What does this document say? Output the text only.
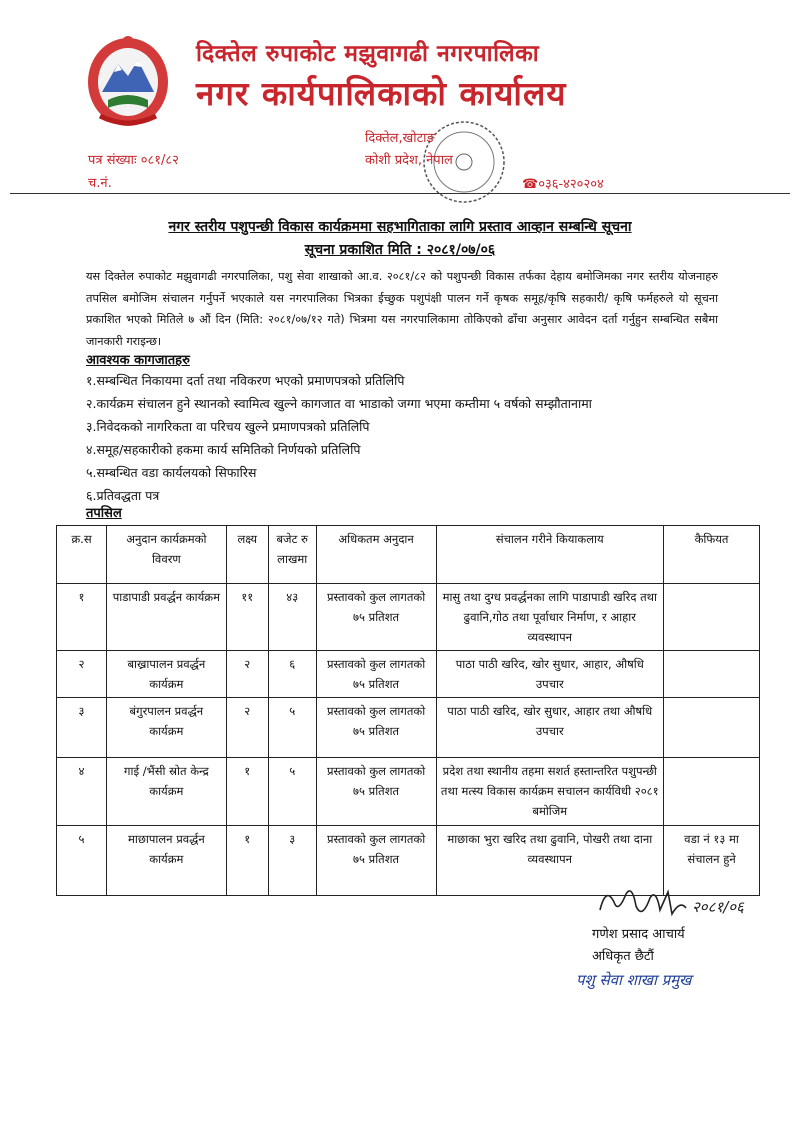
दिक्तेल रुपाकोट मझुवागढी नगरपालिका
नगर कार्यपालिकाको कार्यालय
दिक्तेल,खोटाङ
कोशी प्रदेश, नेपाल
पत्र संख्याः ०८१/८२
च.नं.	☎०३६-४२०२०४
नगर स्तरीय पशुपन्छी विकास कार्यक्रममा सहभागिताका लागि प्रस्ताव आव्हान सम्बन्धि सूचना
सूचना प्रकाशित मिति : २०८१/०७/०६
यस दिक्तेल रुपाकोट मझुवागढी नगरपालिका, पशु सेवा शाखाको आ.व. २०८१/८२ को पशुपन्छी विकास तर्फका देहाय बमोजिमका नगर स्तरीय योजनाहरु तपसिल बमोजिम संचालन गर्नुपर्ने भएकाले यस नगरपालिका भित्रका ईच्छुक पशुपंक्षी पालन गर्ने कृषक समूह/कृषि सहकारी/ कृषि फर्महरुले यो सूचना प्रकाशित भएको मितिले ७ औं दिन (मिति: २०८१/०७/१२ गते) भित्रमा यस नगरपालिकामा तोकिएको ढाँचा अनुसार आवेदन दर्ता गर्नुहुन सम्बन्धित सबैमा जानकारी गराइन्छ।
आवश्यक कागजातहरु
१.सम्बन्धित निकायमा दर्ता तथा नविकरण भएको प्रमाणपत्रको प्रतिलिपि
२.कार्यक्रम संचालन हुने स्थानको स्वामित्व खुल्ने कागजात वा भाडाको जग्गा भएमा कम्तीमा ५ वर्षको सम्झौतानामा
३.निवेदकको नागरिकता वा परिचय खुल्ने प्रमाणपत्रको प्रतिलिपि
४.समूह/सहकारीको हकमा कार्य समितिको निर्णयको प्रतिलिपि
५.सम्बन्धित वडा कार्यलयको सिफारिस
६.प्रतिवद्धता पत्र
तपसिल
क्र.स	अनुदान कार्यक्रमको विवरण	लक्ष्य	बजेट रु लाखमा	अधिकतम अनुदान	संचालन गरीने कियाकलाय	कैफियत
१	पाडापाडी प्रवर्द्धन कार्यक्रम	११	४३	प्रस्तावको कुल लागतको ७५ प्रतिशत	मासु तथा दुग्ध प्रवर्द्धनका लागि पाडापाडी खरिद तथा ढुवानि,गोठ तथा पूर्वाधार निर्माण, र आहार व्यवस्थापन	
२	बाख्रापालन प्रवर्द्धन कार्यक्रम	२	६	प्रस्तावको कुल लागतको ७५ प्रतिशत	पाठा पाठी खरिद, खोर सुधार, आहार, औषधि उपचार	
३	बंगुरपालन प्रवर्द्धन कार्यक्रम	२	५	प्रस्तावको कुल लागतको ७५ प्रतिशत	पाठा पाठी खरिद, खोर सुधार, आहार तथा औषधि उपचार	
४	गाई /भैंसी स्रोत केन्द्र कार्यक्रम	१	५	प्रस्तावको कुल लागतको ७५ प्रतिशत	प्रदेश तथा स्थानीय तहमा सशर्त हस्तान्तरित पशुपन्छी तथा मत्स्य विकास कार्यक्रम सचालन कार्यविधी २०८१ बमोजिम	
५	माछापालन प्रवर्द्धन कार्यक्रम	१	३	प्रस्तावको कुल लागतको ७५ प्रतिशत	माछाका भुरा खरिद तथा ढुवानि, पोखरी तथा दाना व्यवस्थापन	वडा नं १३ मा संचालन हुने
२०८१/०६
गणेश प्रसाद आचार्य
अधिकृत छैटौं
पशु सेवा शाखा प्रमुख
